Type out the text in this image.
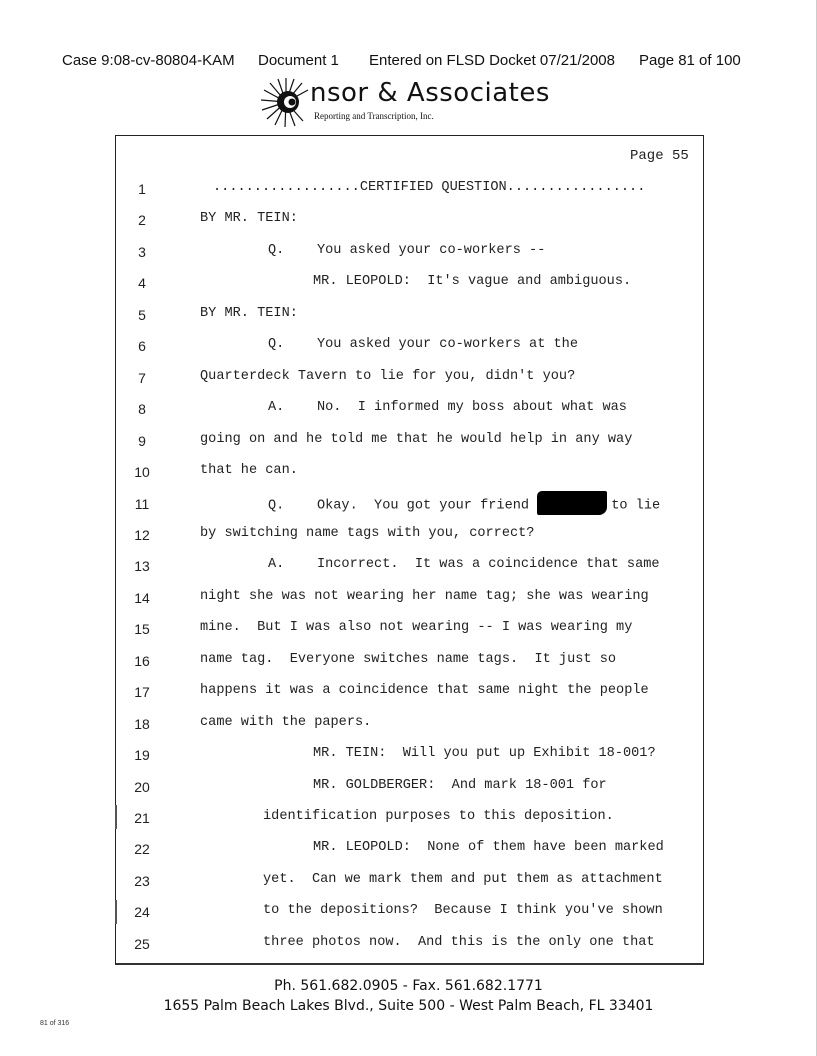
Case 9:08-cv-80804-KAM Document 1 Entered on FLSD Docket 07/21/2008 Page 81 of 100
nsor & Associates
Reporting and Transcription, Inc.
Page 55
1	..................CERTIFIED QUESTION.................
2	BY MR. TEIN:
3	Q.    You asked your co-workers --
4	MR. LEOPOLD:  It's vague and ambiguous.
5	BY MR. TEIN:
6	Q.    You asked your co-workers at the
7	Quarterdeck Tavern to lie for you, didn't you?
8	A.    No.  I informed my boss about what was
9	going on and he told me that he would help in any way
10	that he can.
11	Q.    Okay.  You got your friend	to lie
12	by switching name tags with you, correct?
13	A.    Incorrect.  It was a coincidence that same
14	night she was not wearing her name tag; she was wearing
15	mine.  But I was also not wearing -- I was wearing my
16	name tag.  Everyone switches name tags.  It just so
17	happens it was a coincidence that same night the people
18	came with the papers.
19	MR. TEIN:  Will you put up Exhibit 18-001?
20	MR. GOLDBERGER:  And mark 18-001 for
21	identification purposes to this deposition.
22	MR. LEOPOLD:  None of them have been marked
23	yet.  Can we mark them and put them as attachment
24	to the depositions?  Because I think you've shown
25	three photos now.  And this is the only one that
Ph. 561.682.0905 - Fax. 561.682.1771
1655 Palm Beach Lakes Blvd., Suite 500 - West Palm Beach, FL 33401
81 of 316
